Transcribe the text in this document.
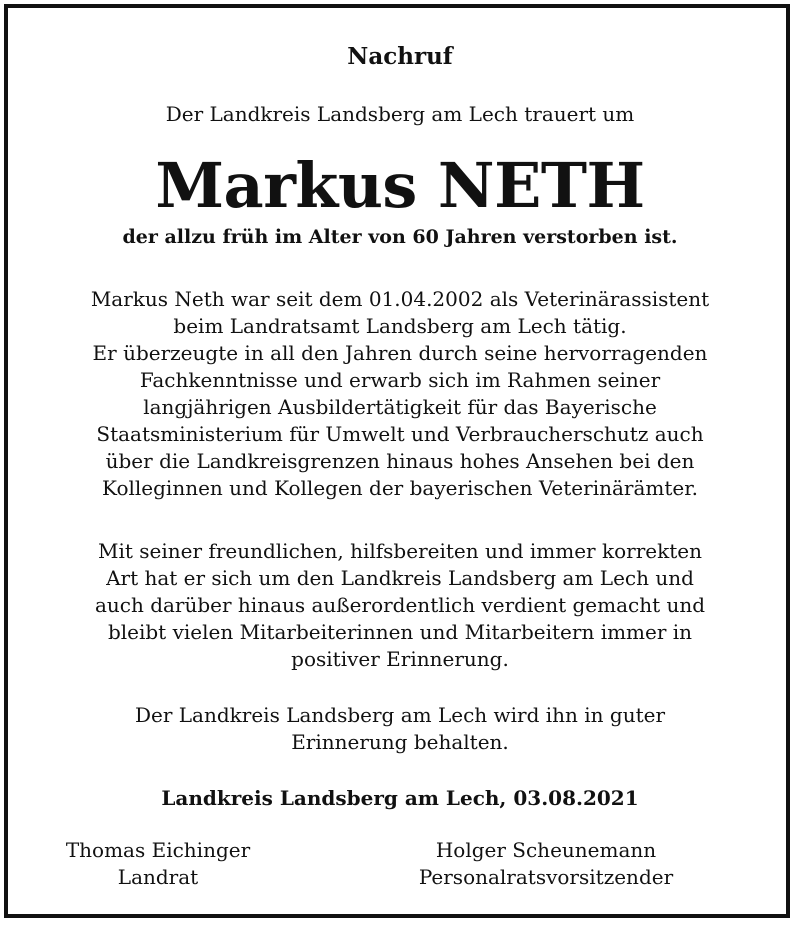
Nachruf
Der Landkreis Landsberg am Lech trauert um
Markus NETH
der allzu früh im Alter von 60 Jahren verstorben ist.
Markus Neth war seit dem 01.04.2002 als Veterinärassistent
beim Landratsamt Landsberg am Lech tätig.
Er überzeugte in all den Jahren durch seine hervorragenden
Fachkenntnisse und erwarb sich im Rahmen seiner
langjährigen Ausbildertätigkeit für das Bayerische
Staatsministerium für Umwelt und Verbraucherschutz auch
über die Landkreisgrenzen hinaus hohes Ansehen bei den
Kolleginnen und Kollegen der bayerischen Veterinärämter.
Mit seiner freundlichen, hilfsbereiten und immer korrekten
Art hat er sich um den Landkreis Landsberg am Lech und
auch darüber hinaus außerordentlich verdient gemacht und
bleibt vielen Mitarbeiterinnen und Mitarbeitern immer in
positiver Erinnerung.
Der Landkreis Landsberg am Lech wird ihn in guter
Erinnerung behalten.
Landkreis Landsberg am Lech, 03.08.2021
Thomas Eichinger
Landrat
Holger Scheunemann
Personalratsvorsitzender
